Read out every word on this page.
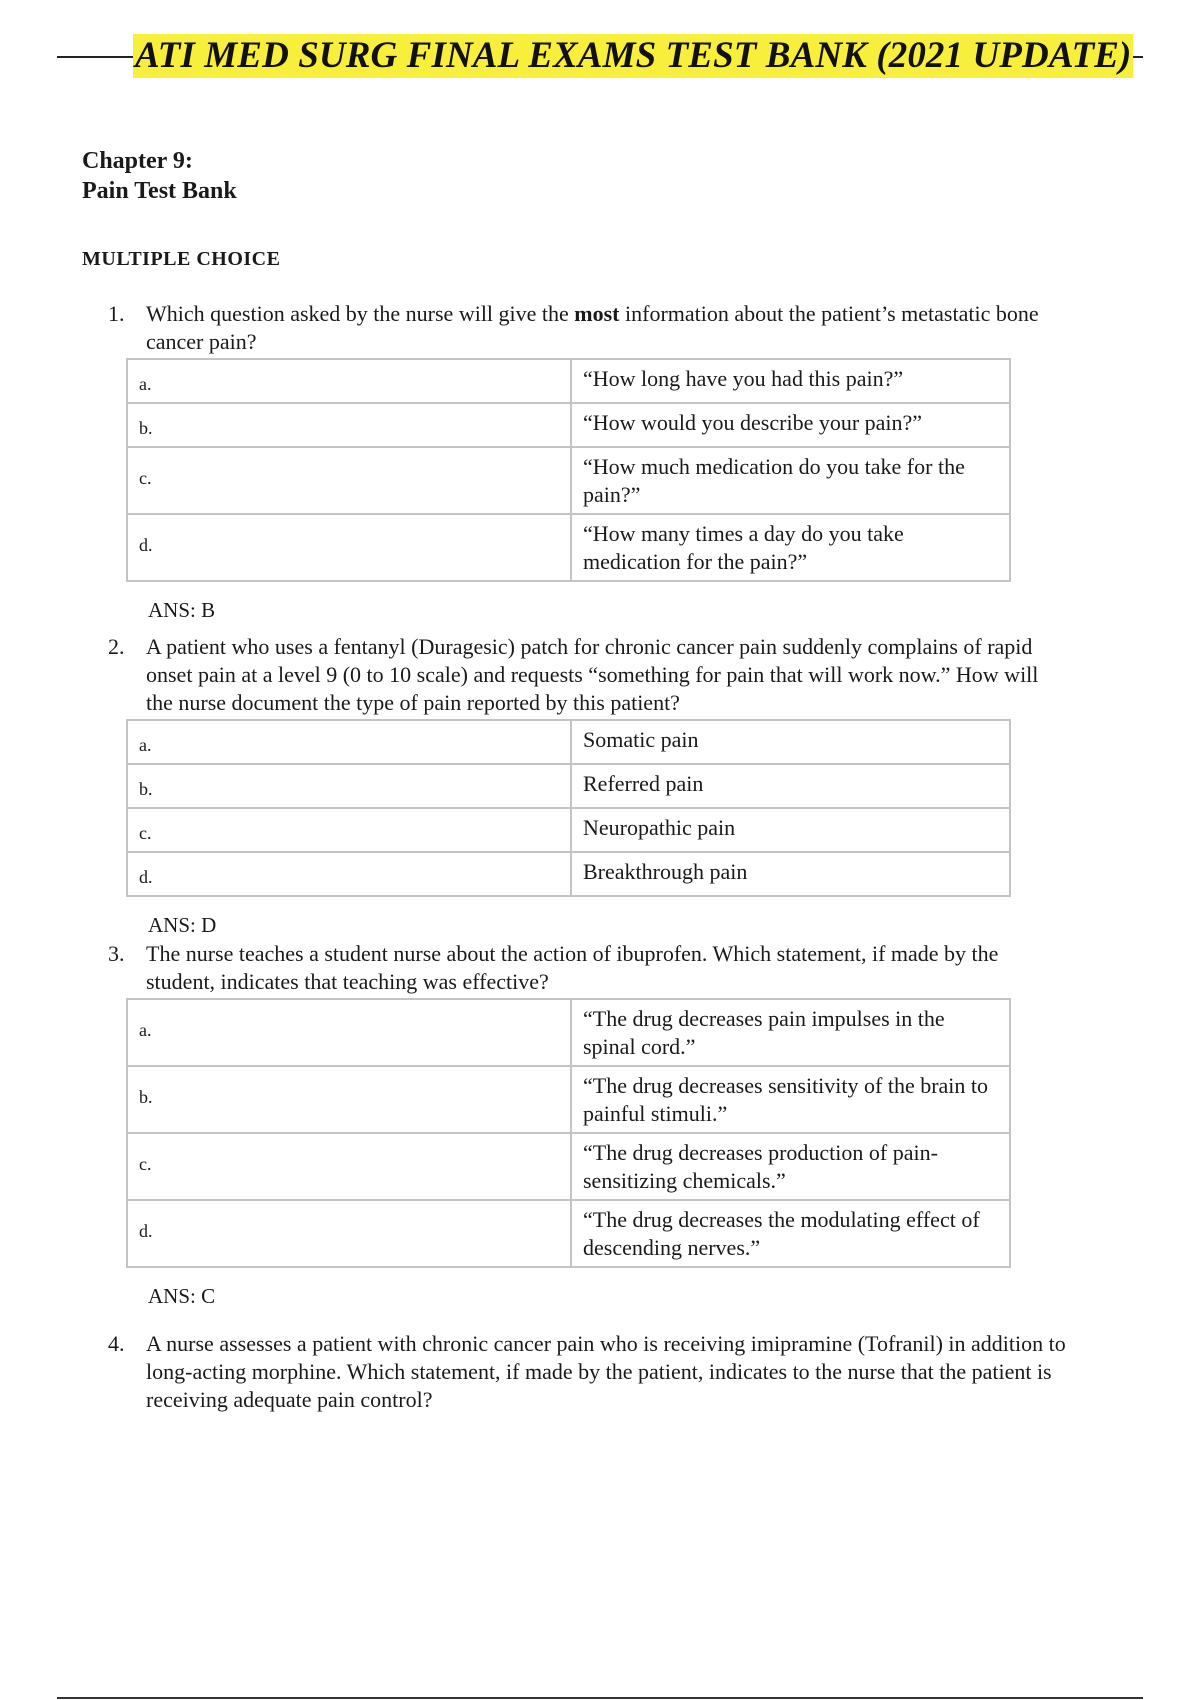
ATI MED SURG FINAL EXAMS TEST BANK (2021 UPDATE)
Chapter 9:
Pain Test Bank
MULTIPLE CHOICE
1. Which question asked by the nurse will give the most information about the patient’s metastatic bone cancer pain?
a.	“How long have you had this pain?”
b.	“How would you describe your pain?”
c.	“How much medication do you take for the pain?”
d.	“How many times a day do you take medication for the pain?”
ANS: B
2. A patient who uses a fentanyl (Duragesic) patch for chronic cancer pain suddenly complains of rapid onset pain at a level 9 (0 to 10 scale) and requests “something for pain that will work now.” How will the nurse document the type of pain reported by this patient?
a.	Somatic pain
b.	Referred pain
c.	Neuropathic pain
d.	Breakthrough pain
ANS: D
3. The nurse teaches a student nurse about the action of ibuprofen. Which statement, if made by the student, indicates that teaching was effective?
a.	“The drug decreases pain impulses in the spinal cord.”
b.	“The drug decreases sensitivity of the brain to painful stimuli.”
c.	“The drug decreases production of pain-sensitizing chemicals.”
d.	“The drug decreases the modulating effect of descending nerves.”
ANS: C
4. A nurse assesses a patient with chronic cancer pain who is receiving imipramine (Tofranil) in addition to long-acting morphine. Which statement, if made by the patient, indicates to the nurse that the patient is receiving adequate pain control?
